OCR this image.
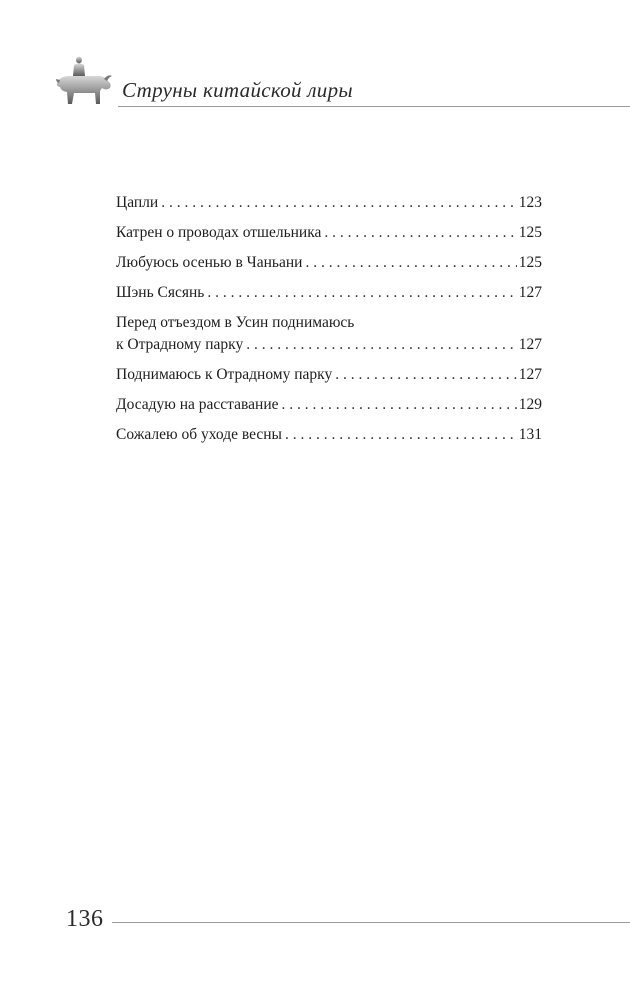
Струны китайской лиры
Цапли . . .	123
Катрен о проводах отшельника . . .	125
Любуюсь осенью в Чаньани . . .	125
Шэнь Сясянь . . .	127
Перед отъездом в Усин поднимаюсь
к Отрадному парку . . .	127
Поднимаюсь к Отрадному парку . . .	127
Досадую на расставание . . .	129
Сожалею об уходе весны . . .	131
136
